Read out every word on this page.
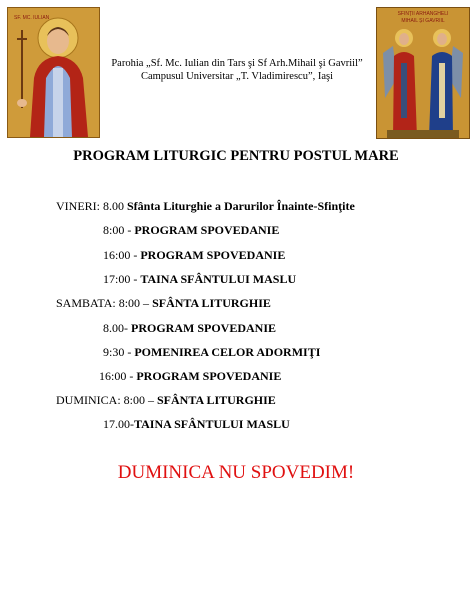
SF. MC. IULIAN
Parohia „Sf. Mc. Iulian din Tars şi Sf Arh.Mihail şi Gavriil”
Campusul Universitar „T. Vladimirescu”, Iaşi
SFINȚII ARHANGHELI
MIHAIL ȘI GAVRIIL
PROGRAM LITURGIC PENTRU POSTUL MARE
VINERI: 8.00 Sfânta Liturghie a Darurilor Înainte-Sfinţite
8:00 - PROGRAM SPOVEDANIE
16:00 - PROGRAM SPOVEDANIE
17:00 - TAINA SFÂNTULUI MASLU
SAMBATA: 8:00 – SFÂNTA LITURGHIE
8.00- PROGRAM SPOVEDANIE
9:30 - POMENIREA CELOR ADORMIŢI
16:00 - PROGRAM SPOVEDANIE
DUMINICA: 8:00 – SFÂNTA LITURGHIE
17.00-TAINA SFÂNTULUI MASLU
DUMINICA NU SPOVEDIM!
